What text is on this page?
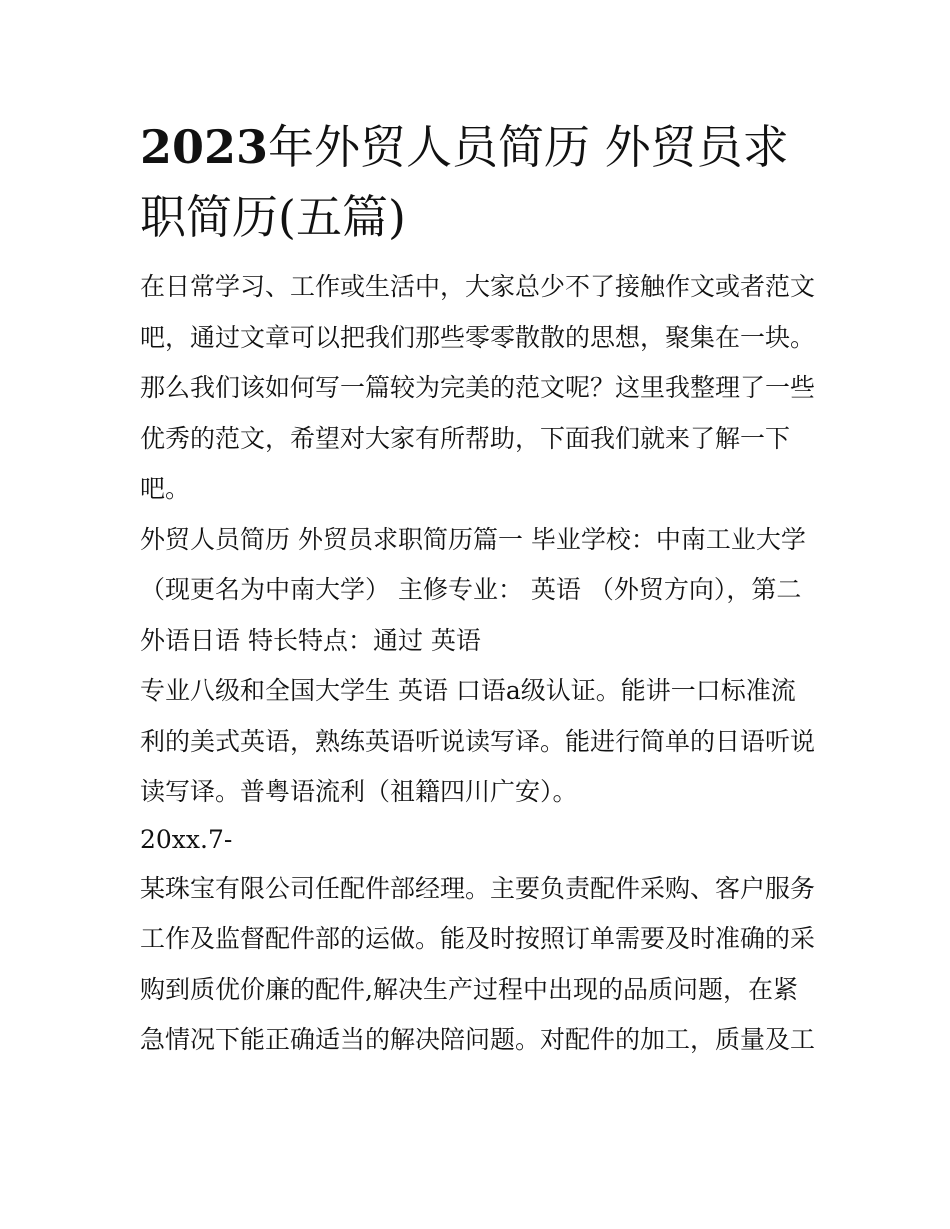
2023年外贸人员简历 外贸员求职简历(五篇)

在日常学习、工作或生活中，大家总少不了接触作文或者范文吧，通过文章可以把我们那些零零散散的思想，聚集在一块。那么我们该如何写一篇较为完美的范文呢？这里我整理了一些优秀的范文，希望对大家有所帮助，下面我们就来了解一下吧。

外贸人员简历 外贸员求职简历篇一 毕业学校：中南工业大学（现更名为中南大学） 主修专业： 英语 （外贸方向），第二外语日语 特长特点：通过 英语

专业八级和全国大学生 英语 口语a级认证。能讲一口标准流利的美式英语，熟练英语听说读写译。能进行简单的日语听说读写译。普粤语流利（祖籍四川广安）。

20xx.7-

某珠宝有限公司任配件部经理。主要负责配件采购、客户服务工作及监督配件部的运做。能及时按照订单需要及时准确的采购到质优价廉的配件,解决生产过程中出现的品质问题，在紧急情况下能正确适当的解决陪问题。对配件的加工，质量及工
